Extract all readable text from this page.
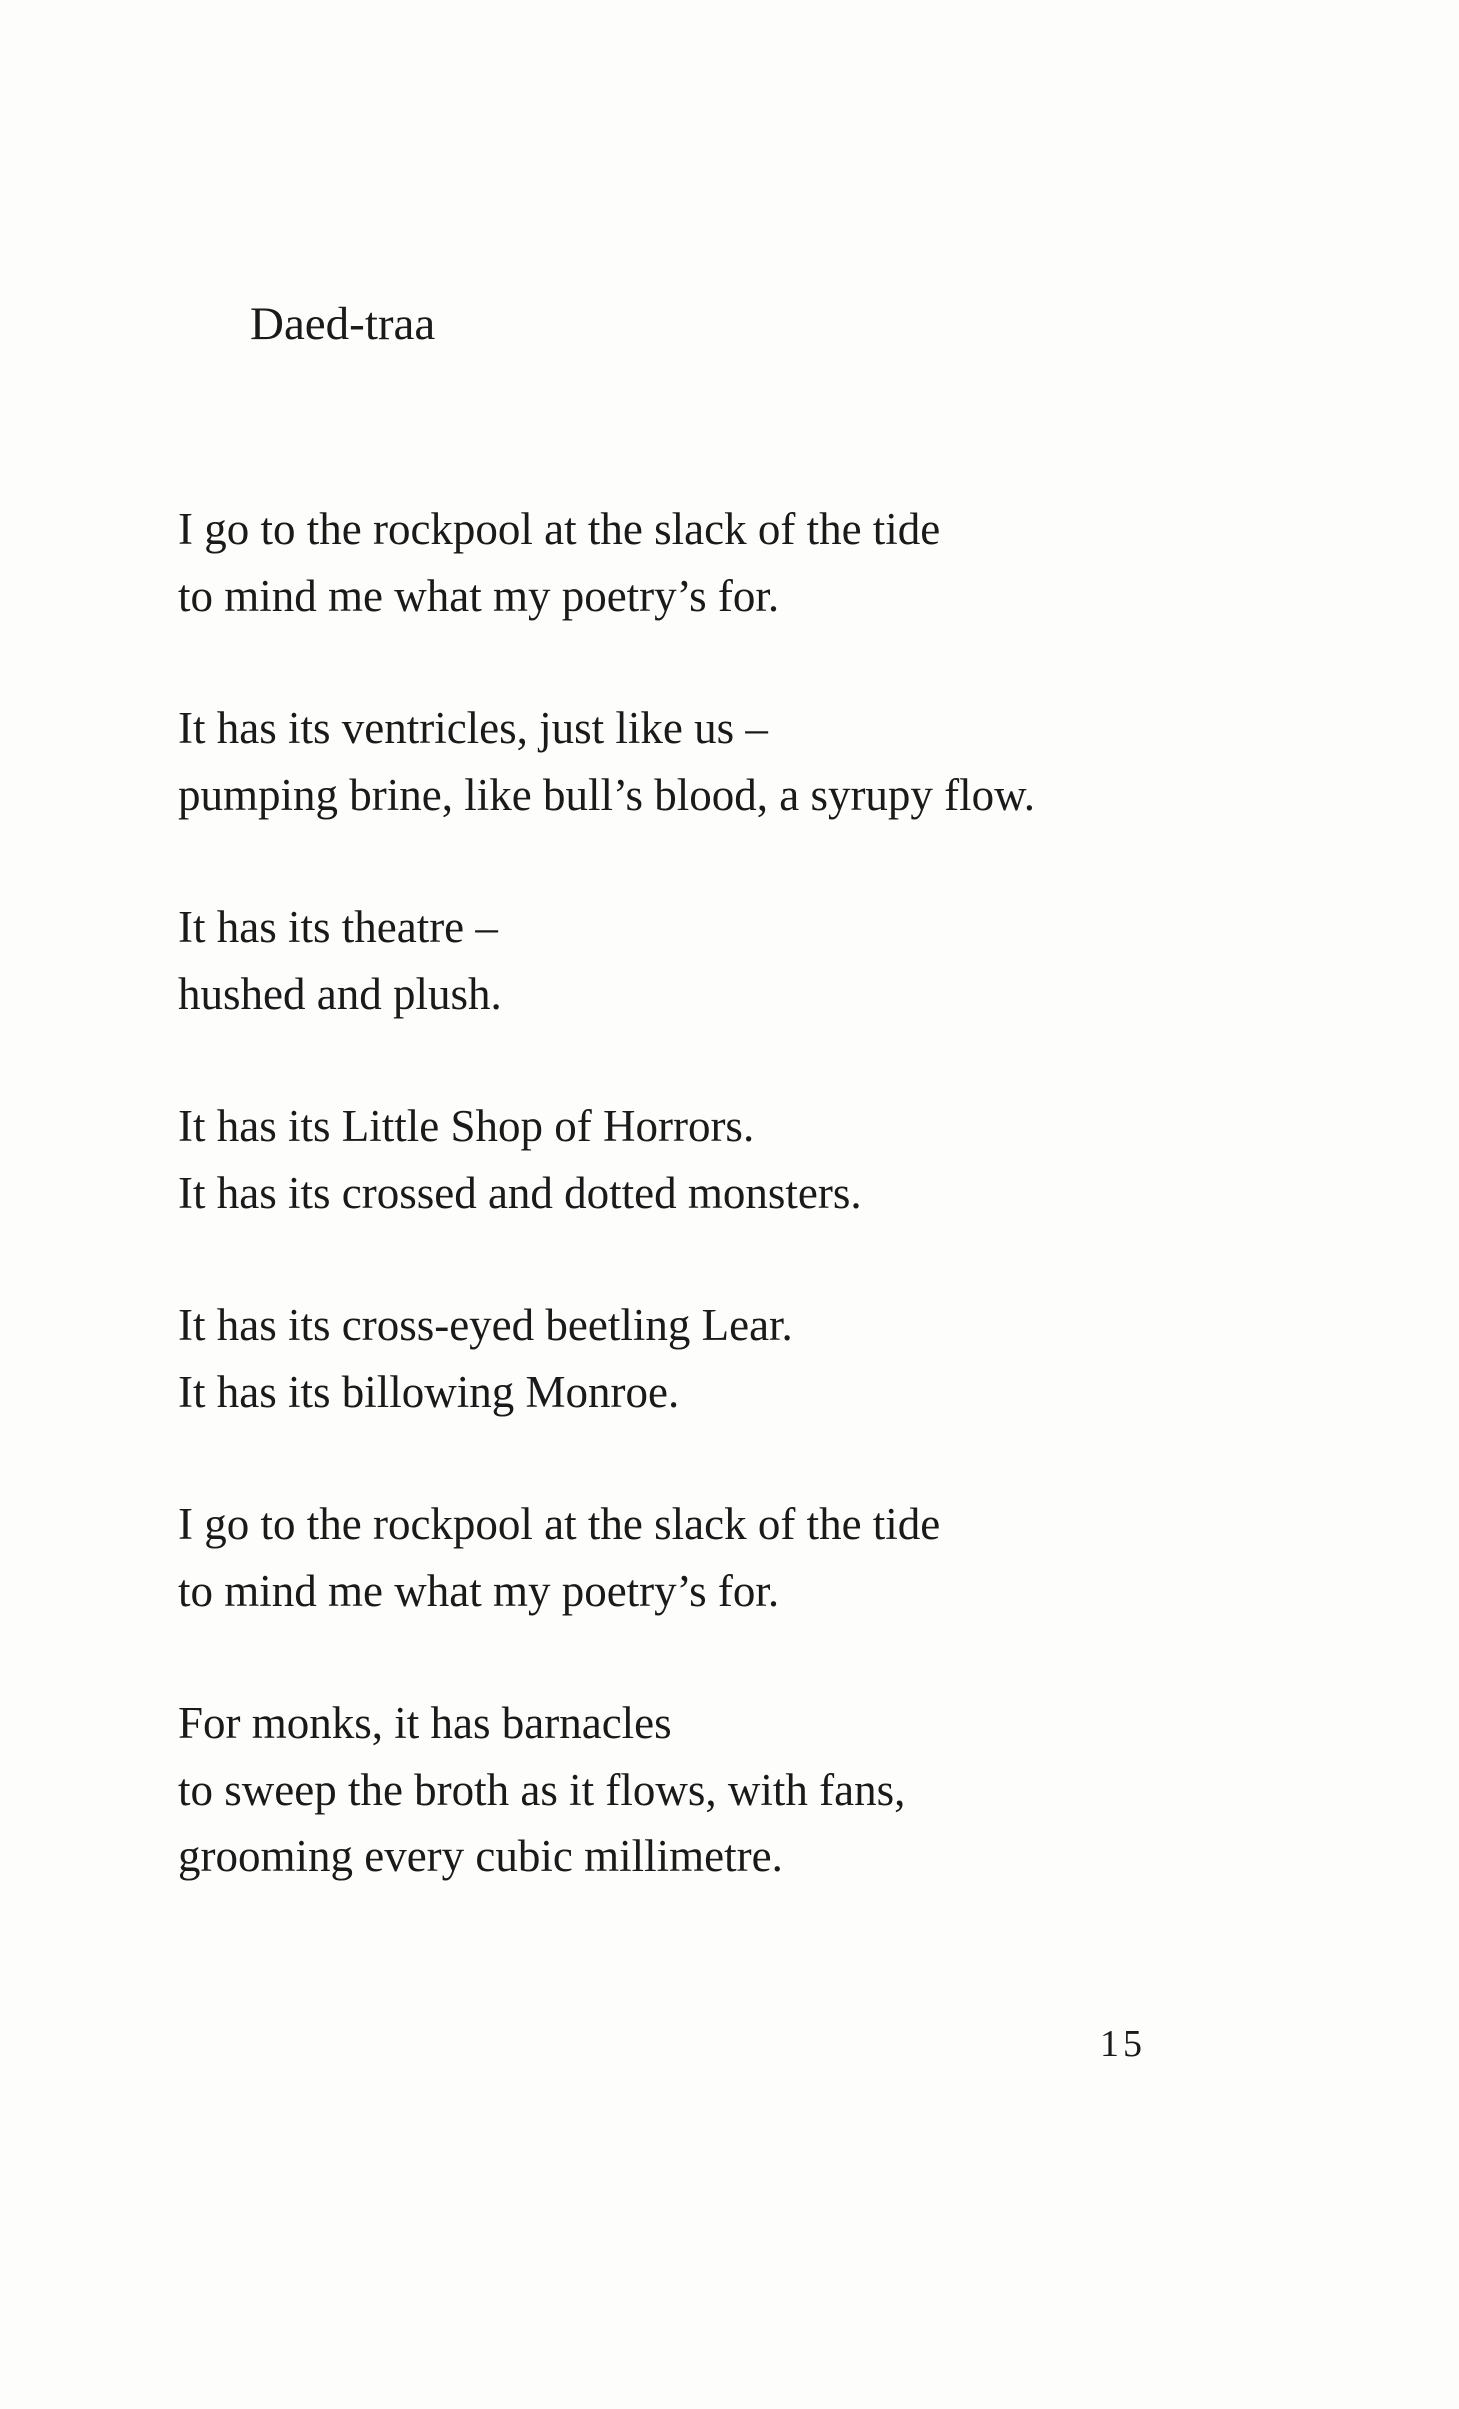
Daed-traa
I go to the rockpool at the slack of the tide
to mind me what my poetry’s for.
It has its ventricles, just like us –
pumping brine, like bull’s blood, a syrupy flow.
It has its theatre –
hushed and plush.
It has its Little Shop of Horrors.
It has its crossed and dotted monsters.
It has its cross-eyed beetling Lear.
It has its billowing Monroe.
I go to the rockpool at the slack of the tide
to mind me what my poetry’s for.
For monks, it has barnacles
to sweep the broth as it flows, with fans,
grooming every cubic millimetre.
15
